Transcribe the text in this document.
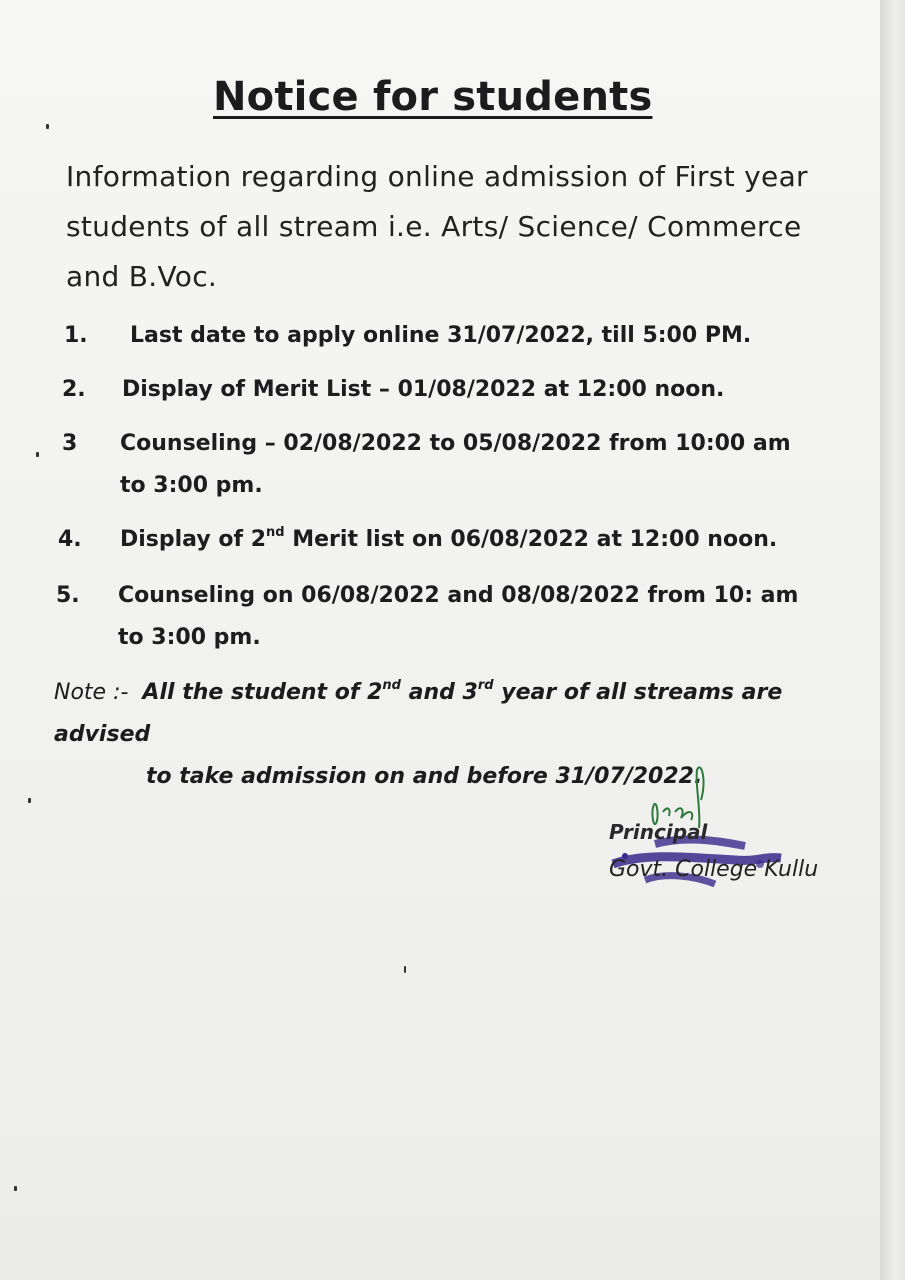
Notice for students
Information regarding online admission of First year students of all stream i.e. Arts/ Science/ Commerce and B.Voc.
1. Last date to apply online 31/07/2022, till 5:00 PM.
2. Display of Merit List – 01/08/2022 at 12:00 noon.
3 Counseling – 02/08/2022 to 05/08/2022 from 10:00 am
to 3:00 pm.
4. Display of 2nd Merit list on 06/08/2022 at 12:00 noon.
5. Counseling on 06/08/2022 and 08/08/2022 from 10: am
to 3:00 pm.
Note :- All the student of 2nd and 3rd year of all streams are advised
to take admission on and before 31/07/2022.
Principal
Govt. College Kullu
